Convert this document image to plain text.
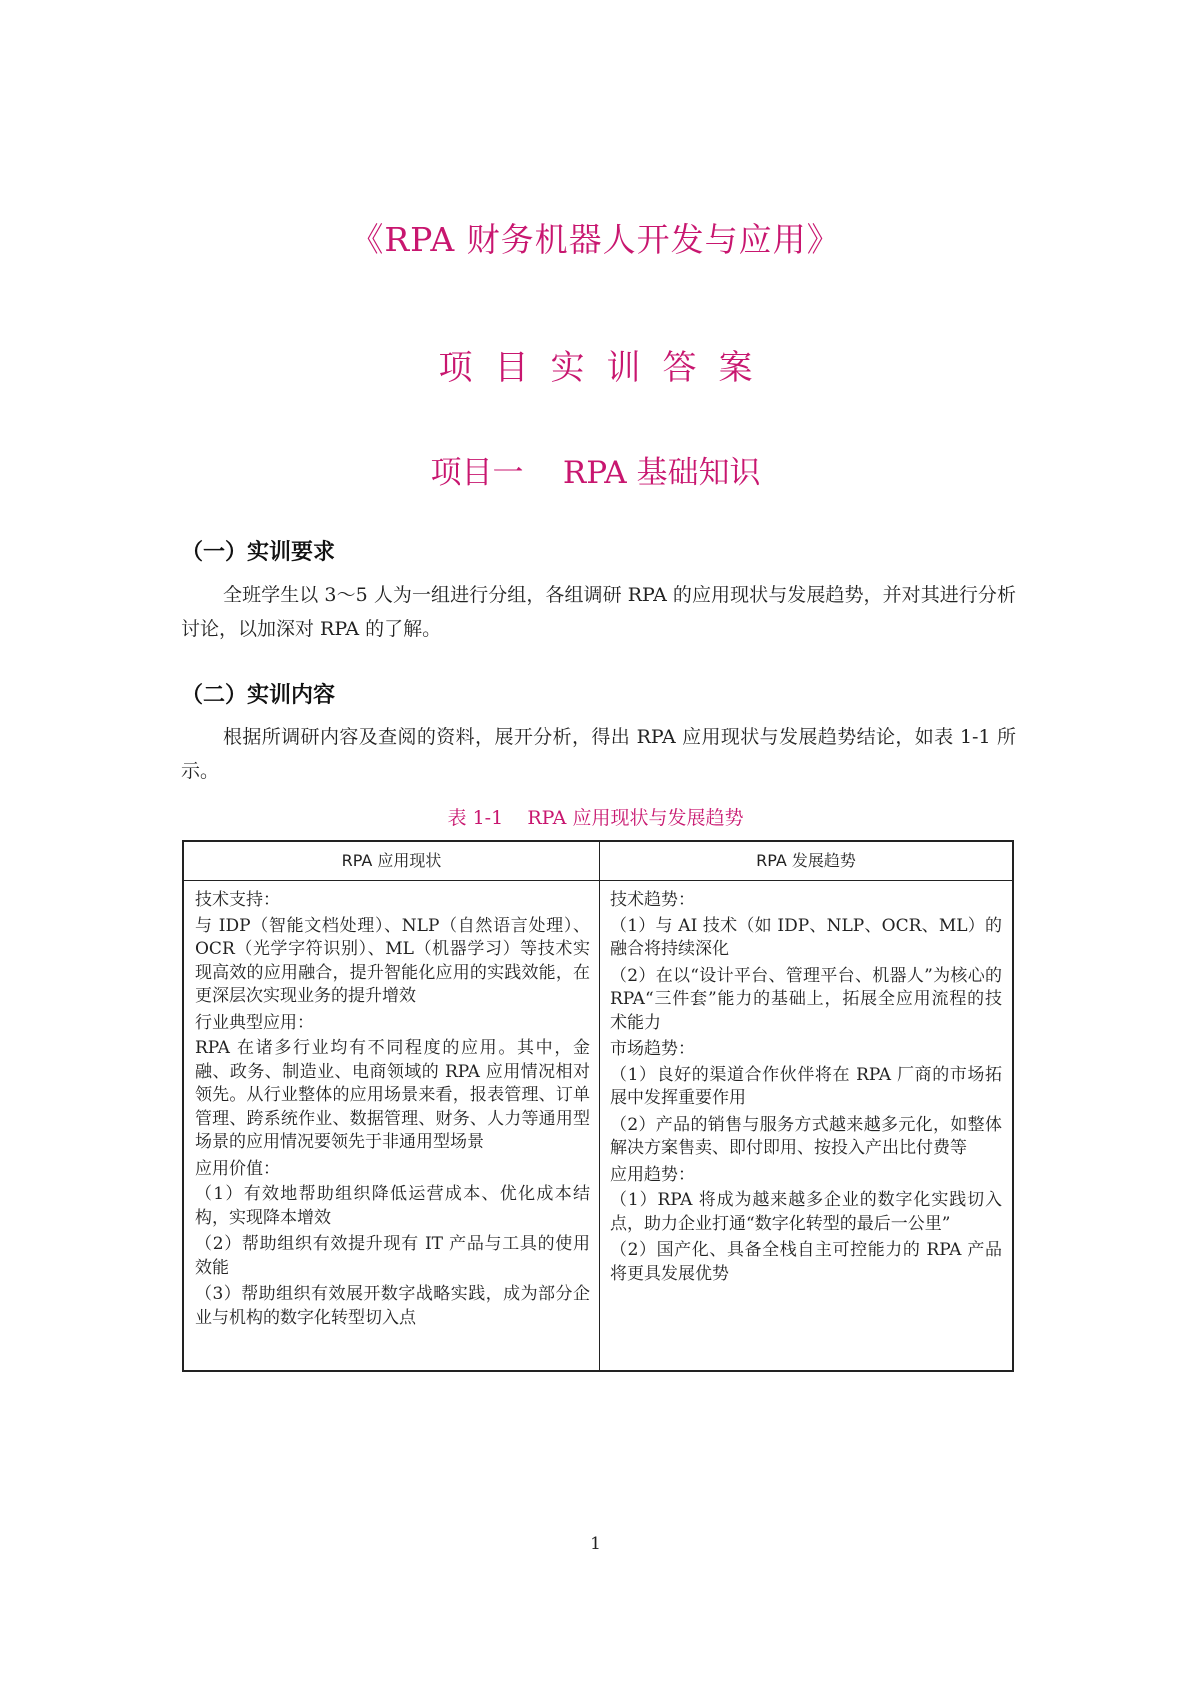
《RPA 财务机器人开发与应用》
项目实训答案
项目一    RPA 基础知识
（一）实训要求
全班学生以 3～5 人为一组进行分组，各组调研 RPA 的应用现状与发展趋势，并对其进行分析讨论，以加深对 RPA 的了解。
（二）实训内容
根据所调研内容及查阅的资料，展开分析，得出 RPA 应用现状与发展趋势结论，如表 1-1 所示。
表 1-1    RPA 应用现状与发展趋势
RPA 应用现状	RPA 发展趋势
技术支持：
与 IDP（智能文档处理）、NLP（自然语言处理）、OCR（光学字符识别）、ML（机器学习）等技术实现高效的应用融合，提升智能化应用的实践效能，在更深层次实现业务的提升增效
行业典型应用：
RPA 在诸多行业均有不同程度的应用。其中，金融、政务、制造业、电商领域的 RPA 应用情况相对领先。从行业整体的应用场景来看，报表管理、订单管理、跨系统作业、数据管理、财务、人力等通用型场景的应用情况要领先于非通用型场景
应用价值：
（1）有效地帮助组织降低运营成本、优化成本结构，实现降本增效
（2）帮助组织有效提升现有 IT 产品与工具的使用效能
（3）帮助组织有效展开数字战略实践，成为部分企业与机构的数字化转型切入点
技术趋势：
（1）与 AI 技术（如 IDP、NLP、OCR、ML）的融合将持续深化
（2）在以“设计平台、管理平台、机器人”为核心的 RPA“三件套”能力的基础上，拓展全应用流程的技术能力
市场趋势：
（1）良好的渠道合作伙伴将在 RPA 厂商的市场拓展中发挥重要作用
（2）产品的销售与服务方式越来越多元化，如整体解决方案售卖、即付即用、按投入产出比付费等
应用趋势：
（1）RPA 将成为越来越多企业的数字化实践切入点，助力企业打通“数字化转型的最后一公里”
（2）国产化、具备全栈自主可控能力的 RPA 产品将更具发展优势
1
